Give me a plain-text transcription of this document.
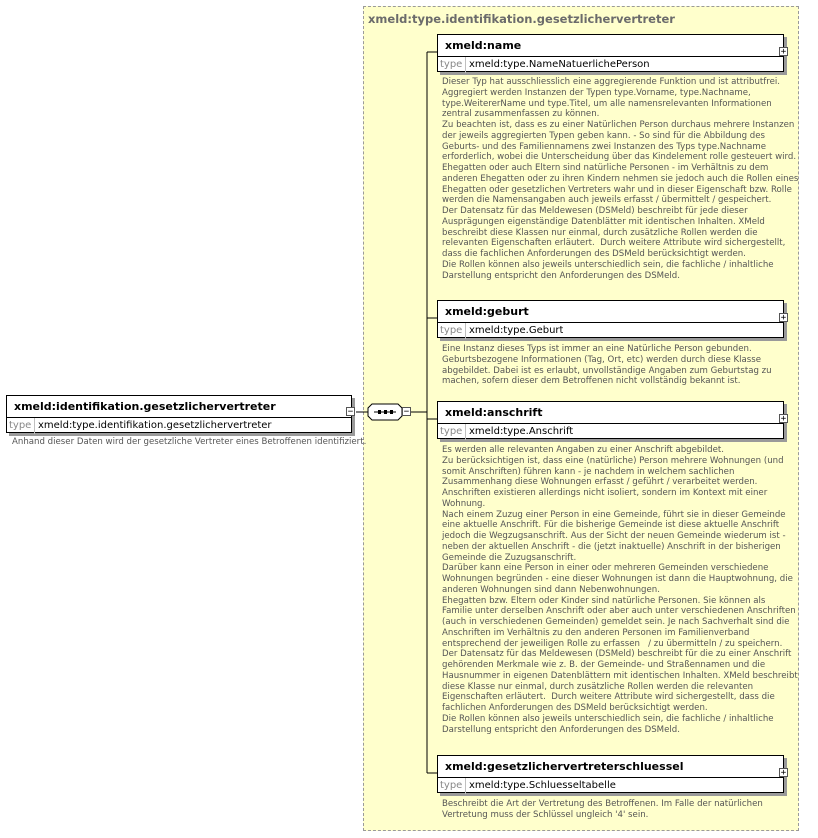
xmeld:type.identifikation.gesetzlichervertreter
xmeld:identifikation.gesetzlichervertreter
type xmeld:type.identifikation.gesetzlichervertreter
−
Anhand dieser Daten wird der gesetzliche Vertreter eines Betroffenen identifiziert.
−
xmeld:name
type xmeld:type.NameNatuerlichePerson
+
Dieser Typ hat ausschliesslich eine aggregierende Funktion und ist attributfrei.
Aggregiert werden Instanzen der Typen type.Vorname, type.Nachname,
type.WeitererName und type.Titel, um alle namensrelevanten Informationen
zentral zusammenfassen zu können.
Zu beachten ist, dass es zu einer Natürlichen Person durchaus mehrere Instanzen
der jeweils aggregierten Typen geben kann. - So sind für die Abbildung des
Geburts- und des Familiennamens zwei Instanzen des Typs type.Nachname
erforderlich, wobei die Unterscheidung über das Kindelement rolle gesteuert wird.
Ehegatten oder auch Eltern sind natürliche Personen - im Verhältnis zu dem
anderen Ehegatten oder zu ihren Kindern nehmen sie jedoch auch die Rollen eines
Ehegatten oder gesetzlichen Vertreters wahr und in dieser Eigenschaft bzw. Rolle
werden die Namensangaben auch jeweils erfasst / übermittelt / gespeichert.
Der Datensatz für das Meldewesen (DSMeld) beschreibt für jede dieser
Ausprägungen eigenständige Datenblätter mit identischen Inhalten. XMeld
beschreibt diese Klassen nur einmal, durch zusätzliche Rollen werden die
relevanten Eigenschaften erläutert.  Durch weitere Attribute wird sichergestellt,
dass die fachlichen Anforderungen des DSMeld berücksichtigt werden.
Die Rollen können also jeweils unterschiedlich sein, die fachliche / inhaltliche
Darstellung entspricht den Anforderungen des DSMeld.
xmeld:geburt
type xmeld:type.Geburt
+
Eine Instanz dieses Typs ist immer an eine Natürliche Person gebunden.
Geburtsbezogene Informationen (Tag, Ort, etc) werden durch diese Klasse
abgebildet. Dabei ist es erlaubt, unvollständige Angaben zum Geburtstag zu
machen, sofern dieser dem Betroffenen nicht vollständig bekannt ist.
xmeld:anschrift
type xmeld:type.Anschrift
+
Es werden alle relevanten Angaben zu einer Anschrift abgebildet.
Zu berücksichtigen ist, dass eine (natürliche) Person mehrere Wohnungen (und
somit Anschriften) führen kann - je nachdem in welchem sachlichen
Zusammenhang diese Wohnungen erfasst / geführt / verarbeitet werden.
Anschriften existieren allerdings nicht isoliert, sondern im Kontext mit einer
Wohnung.
Nach einem Zuzug einer Person in eine Gemeinde, führt sie in dieser Gemeinde
eine aktuelle Anschrift. Für die bisherige Gemeinde ist diese aktuelle Anschrift
jedoch die Wegzugsanschrift. Aus der Sicht der neuen Gemeinde wiederum ist -
neben der aktuellen Anschrift - die (jetzt inaktuelle) Anschrift in der bisherigen
Gemeinde die Zuzugsanschrift.
Darüber kann eine Person in einer oder mehreren Gemeinden verschiedene
Wohnungen begründen - eine dieser Wohnungen ist dann die Hauptwohnung, die
anderen Wohnungen sind dann Nebenwohnungen.
Ehegatten bzw. Eltern oder Kinder sind natürliche Personen. Sie können als
Familie unter derselben Anschrift oder aber auch unter verschiedenen Anschriften
(auch in verschiedenen Gemeinden) gemeldet sein. Je nach Sachverhalt sind die
Anschriften im Verhältnis zu den anderen Personen im Familienverband
entsprechend der jeweiligen Rolle zu erfassen   / zu übermitteln / zu speichern.
Der Datensatz für das Meldewesen (DSMeld) beschreibt für die zu einer Anschrift
gehörenden Merkmale wie z. B. der Gemeinde- und Straßennamen und die
Hausnummer in eigenen Datenblättern mit identischen Inhalten. XMeld beschreibt
diese Klasse nur einmal, durch zusätzliche Rollen werden die relevanten
Eigenschaften erläutert.  Durch weitere Attribute wird sichergestellt, dass die
fachlichen Anforderungen des DSMeld berücksichtigt werden.
Die Rollen können also jeweils unterschiedlich sein, die fachliche / inhaltliche
Darstellung entspricht den Anforderungen des DSMeld.
xmeld:gesetzlichervertreterschluessel
type xmeld:type.Schluesseltabelle
+
Beschreibt die Art der Vertretung des Betroffenen. Im Falle der natürlichen
Vertretung muss der Schlüssel ungleich '4' sein.
